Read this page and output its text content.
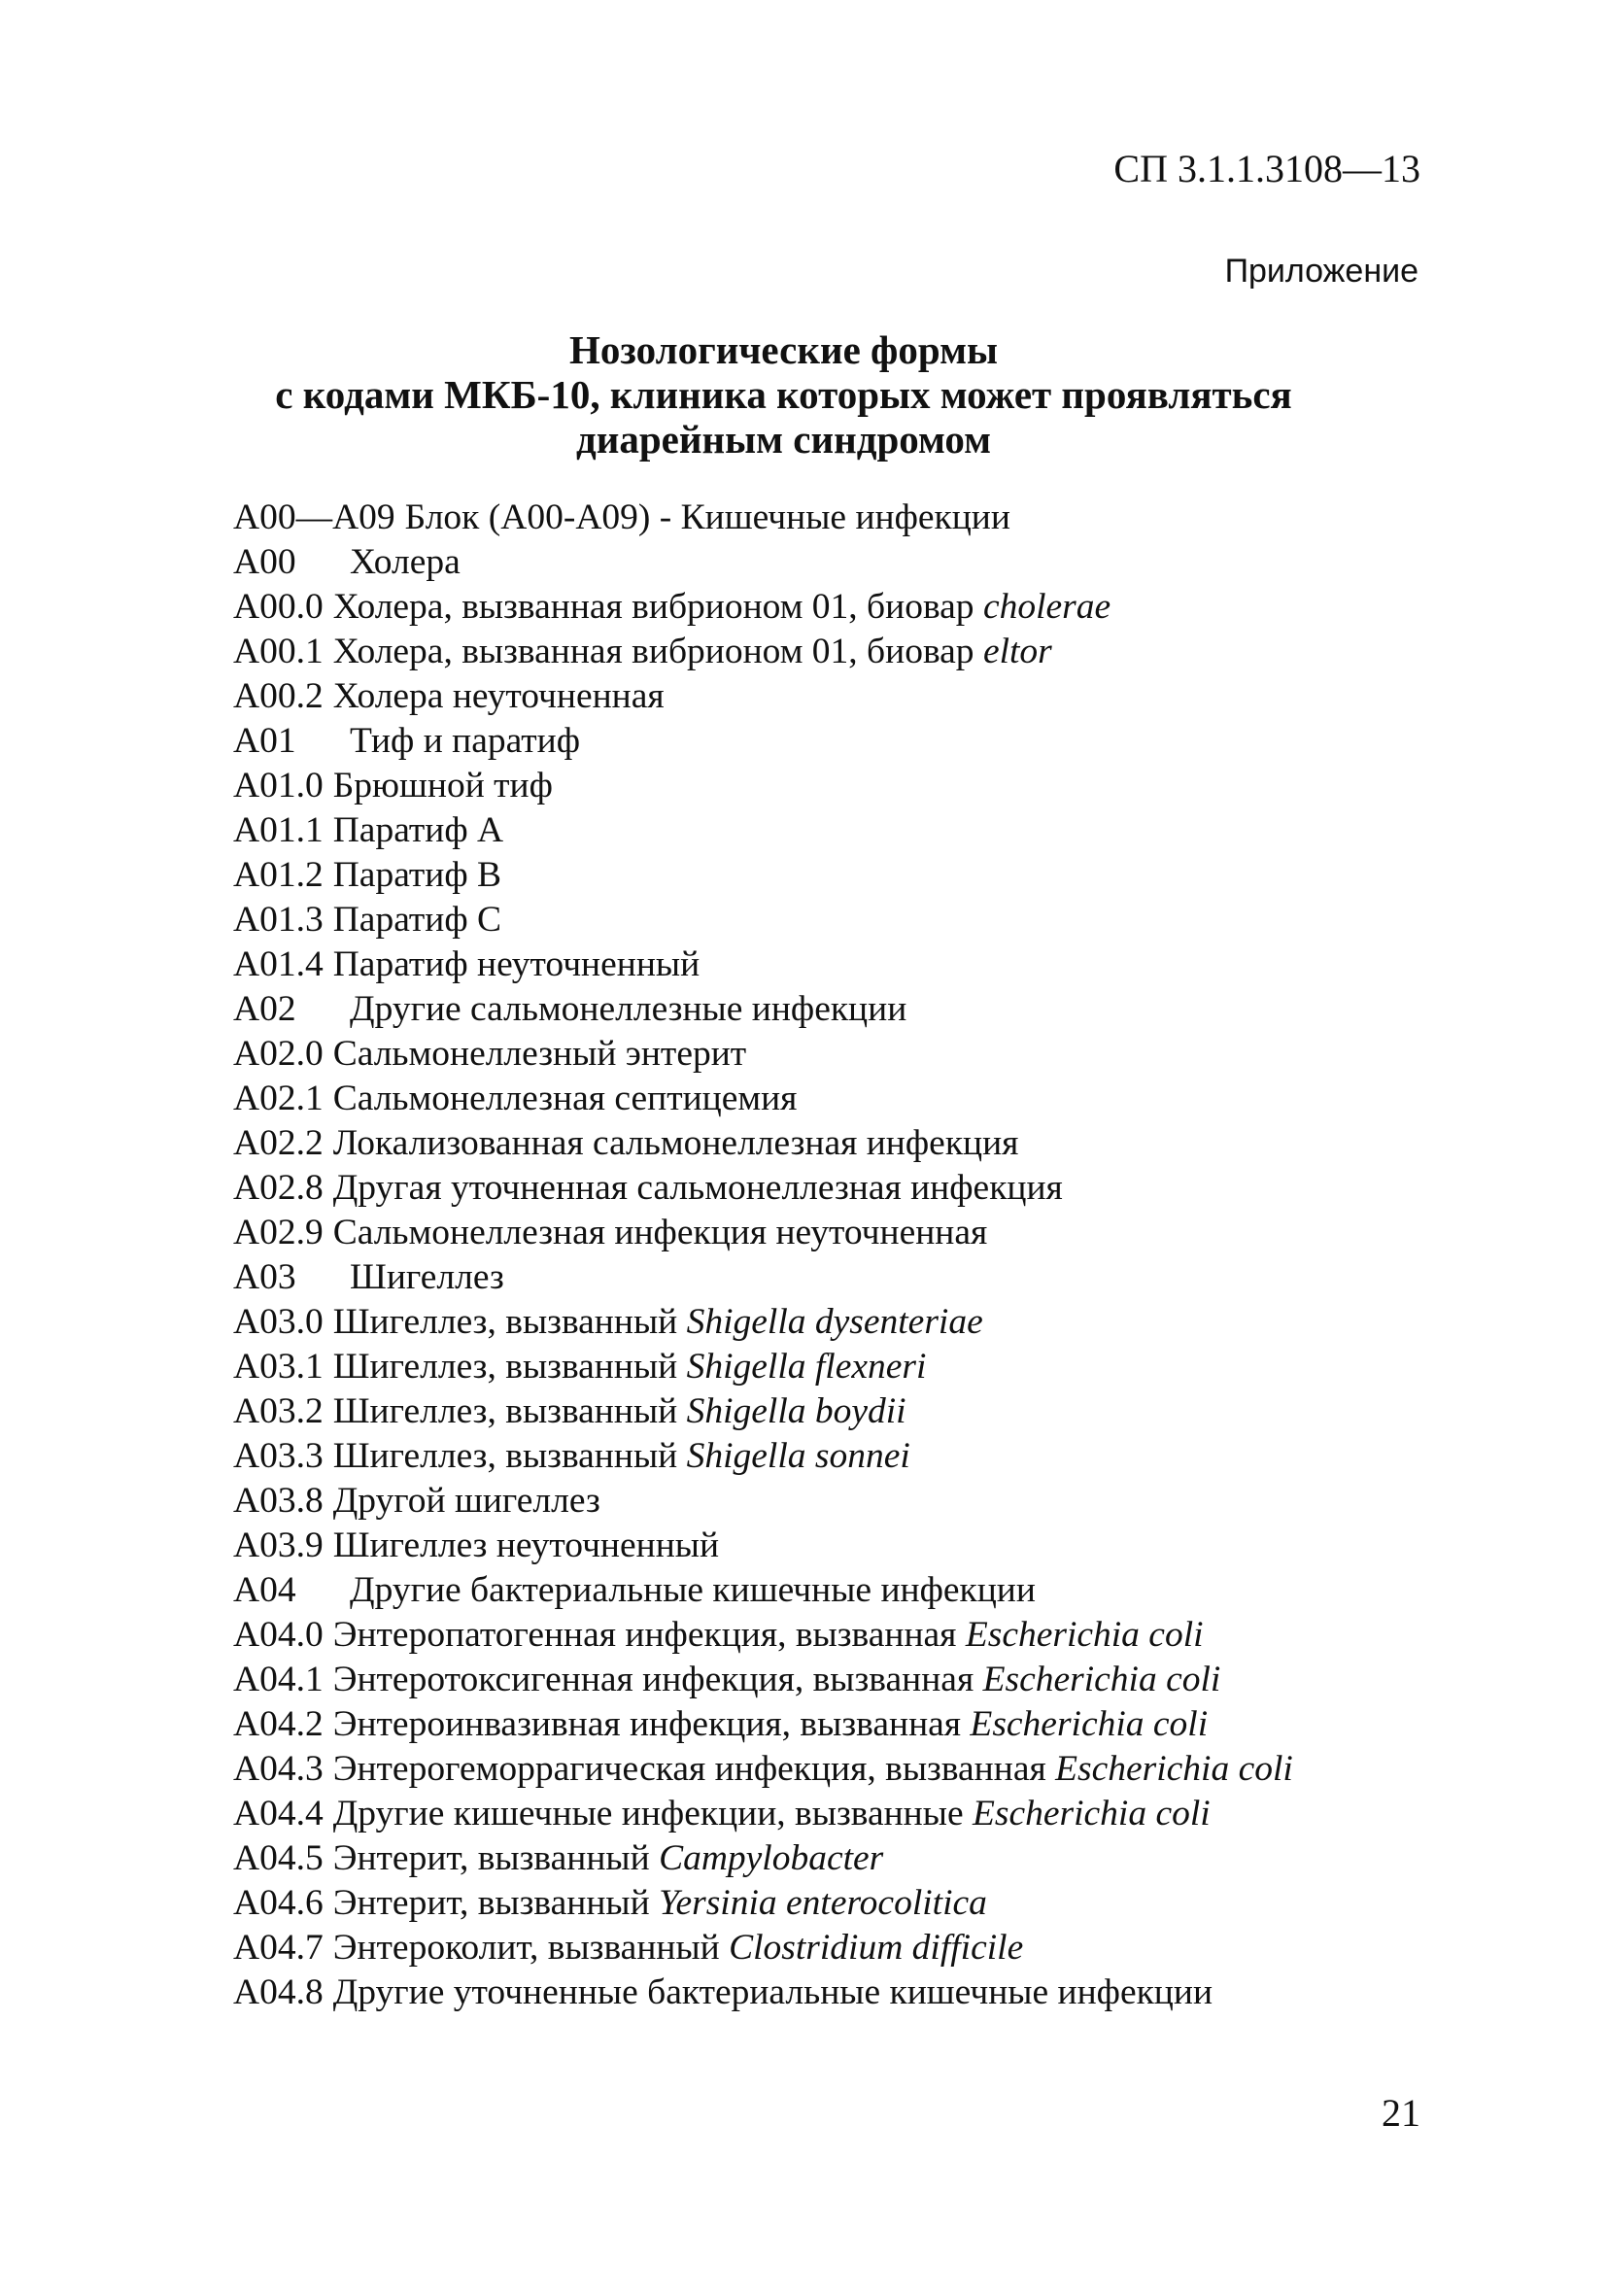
СП 3.1.1.3108—13
Приложение
Нозологические формы
с кодами МКБ-10, клиника которых может проявляться
диарейным синдромом
А00—А09 Блок (А00-А09) - Кишечные инфекции
А00 Холера
А00.0 Холера, вызванная вибрионом 01, биовар cholerae
А00.1 Холера, вызванная вибрионом 01, биовар eltor
А00.2 Холера неуточненная
А01 Тиф и паратиф
А01.0 Брюшной тиф
А01.1 Паратиф А
А01.2 Паратиф В
А01.3 Паратиф С
А01.4 Паратиф неуточненный
А02 Другие сальмонеллезные инфекции
А02.0 Сальмонеллезный энтерит
А02.1 Сальмонеллезная септицемия
А02.2 Локализованная сальмонеллезная инфекция
А02.8 Другая уточненная сальмонеллезная инфекция
А02.9 Сальмонеллезная инфекция неуточненная
А03 Шигеллез
А03.0 Шигеллез, вызванный Shigella dysenteriae
А03.1 Шигеллез, вызванный Shigella flexneri
А03.2 Шигеллез, вызванный Shigella boydii
А03.3 Шигеллез, вызванный Shigella sonnei
А03.8 Другой шигеллез
А03.9 Шигеллез неуточненный
А04 Другие бактериальные кишечные инфекции
А04.0 Энтеропатогенная инфекция, вызванная Escherichia coli
А04.1 Энтеротоксигенная инфекция, вызванная Escherichia coli
А04.2 Энтероинвазивная инфекция, вызванная Escherichia coli
А04.3 Энтерогеморрагическая инфекция, вызванная Escherichia coli
А04.4 Другие кишечные инфекции, вызванные Escherichia coli
А04.5 Энтерит, вызванный Campylobacter
А04.6 Энтерит, вызванный Yersinia enterocolitica
А04.7 Энтероколит, вызванный Clostridium difficile
А04.8 Другие уточненные бактериальные кишечные инфекции
21
